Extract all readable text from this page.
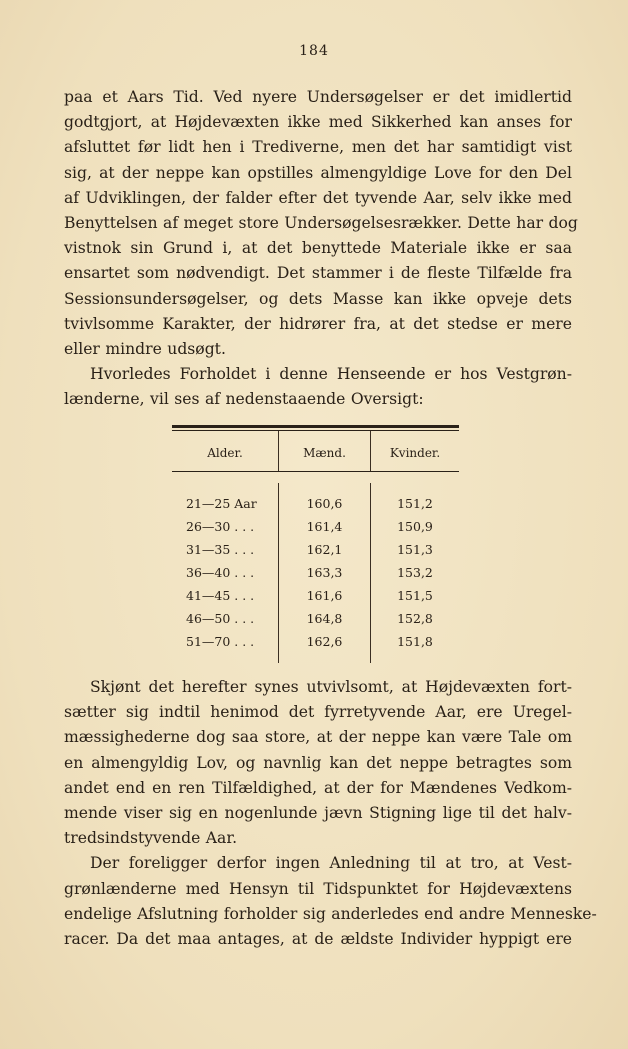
184
paa et Aars Tid. Ved nyere Undersøgelser er det imidlertid
godtgjort, at Højdevæxten ikke med Sikkerhed kan anses for
afsluttet før lidt hen i Trediverne, men det har samtidigt vist
sig, at der neppe kan opstilles almengyldige Love for den Del
af Udviklingen, der falder efter det tyvende Aar, selv ikke med
Benyttelsen af meget store Undersøgelsesrækker. Dette har dog
vistnok sin Grund i, at det benyttede Materiale ikke er saa
ensartet som nødvendigt. Det stammer i de fleste Tilfælde fra
Sessionsundersøgelser, og dets Masse kan ikke opveje dets
tvivlsomme Karakter, der hidrører fra, at det stedse er mere
eller mindre udsøgt.
Hvorledes Forholdet i denne Henseende er hos Vestgrøn-
lænderne, vil ses af nedenstaaende Oversigt:
Alder.	Mænd.	Kvinder.
21—25 Aar	160,6	151,2
26—30 . . .	161,4	150,9
31—35 . . .	162,1	151,3
36—40 . . .	163,3	153,2
41—45 . . .	161,6	151,5
46—50 . . .	164,8	152,8
51—70 . . .	162,6	151,8
Skjønt det herefter synes utvivlsomt, at Højdevæxten fort-
sætter sig indtil henimod det fyrretyvende Aar, ere Uregel-
mæssighederne dog saa store, at der neppe kan være Tale om
en almengyldig Lov, og navnlig kan det neppe betragtes som
andet end en ren Tilfældighed, at der for Mændenes Vedkom-
mende viser sig en nogenlunde jævn Stigning lige til det halv-
tredsindstyvende Aar.
Der foreligger derfor ingen Anledning til at tro, at Vest-
grønlænderne med Hensyn til Tidspunktet for Højdevæxtens
endelige Afslutning forholder sig anderledes end andre Menneske-
racer. Da det maa antages, at de ældste Individer hyppigt ere
